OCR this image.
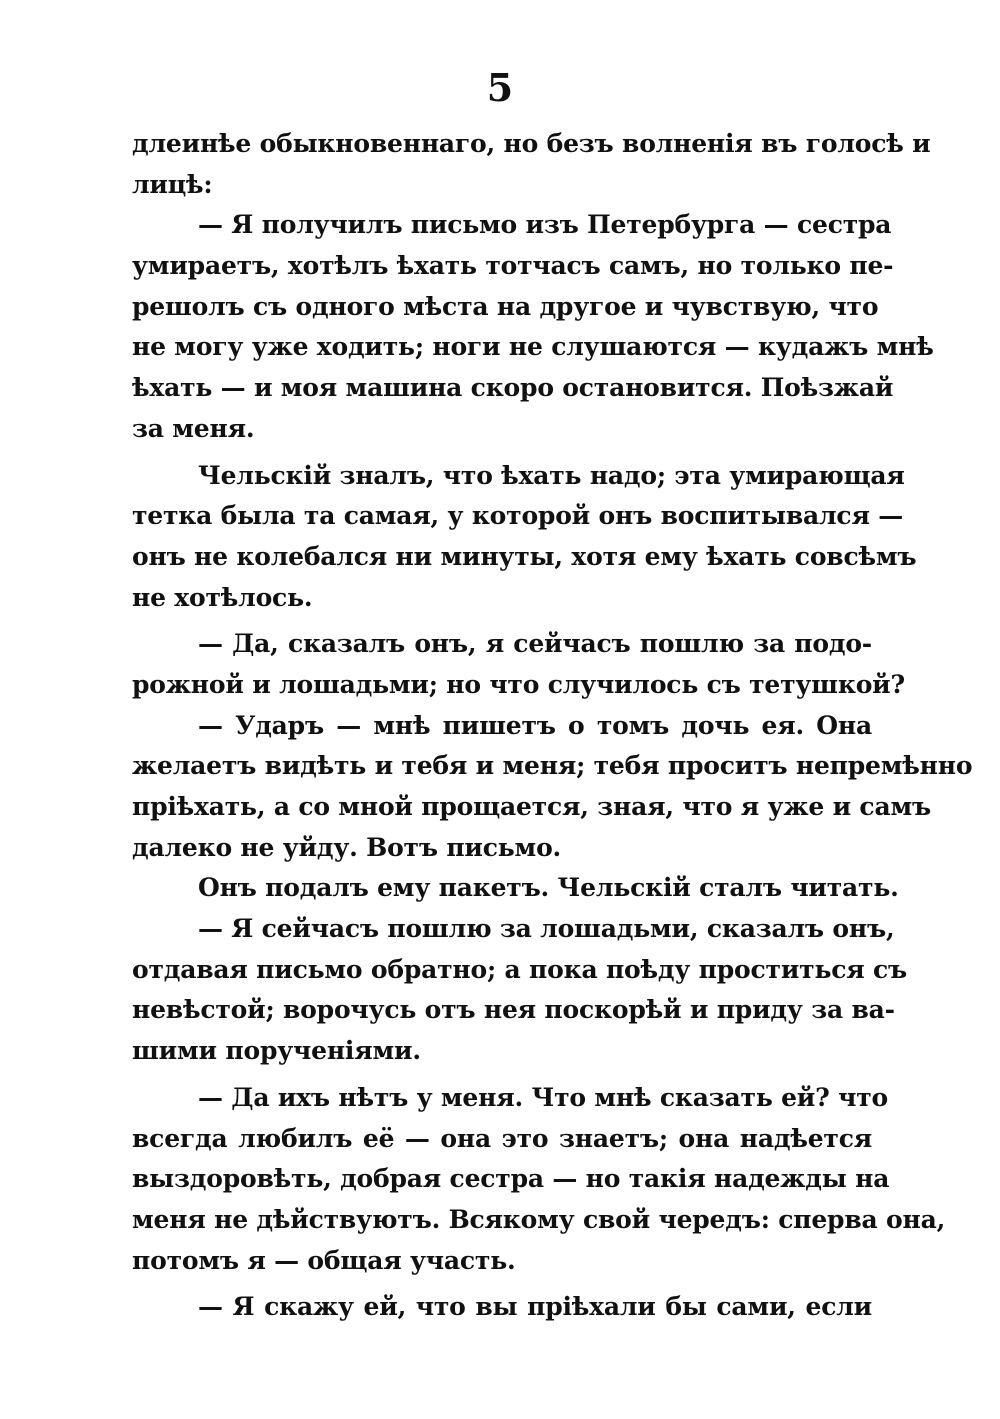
5
длеинѣе обыкновеннаго, но безъ волненія въ голосѣ и
лицѣ:
— Я получилъ письмо изъ Петербурга — сестра
умираетъ, хотѣлъ ѣхать тотчасъ самъ, но только пе-
решолъ съ одного мѣста на другое и чувствую, что
не могу уже ходить; ноги не слушаются — кудажъ мнѣ
ѣхать — и моя машина скоро остановится. Поѣзжай
за меня.
Чельскій зналъ, что ѣхать надо; эта умирающая
тетка была та самая, у которой онъ воспитывался —
онъ не колебался ни минуты, хотя ему ѣхать совсѣмъ
не хотѣлось.
— Да, сказалъ онъ, я сейчасъ пошлю за подо-
рожной и лошадьми; но что случилось съ тетушкой?
— Ударъ — мнѣ пишетъ о томъ дочь ея. Она
желаетъ видѣть и тебя и меня; тебя проситъ непремѣнно
пріѣхать, а со мной прощается, зная, что я уже и самъ
далеко не уйду. Вотъ письмо.
Онъ подалъ ему пакетъ. Чельскій сталъ читать.
— Я сейчасъ пошлю за лошадьми, сказалъ онъ,
отдавая письмо обратно; а пока поѣду проститься съ
невѣстой; ворочусь отъ нея поскорѣй и приду за ва-
шими порученіями.
— Да ихъ нѣтъ у меня. Что мнѣ сказать ей? что
всегда любилъ её — она это знаетъ; она надѣется
выздоровѣть, добрая сестра — но такія надежды на
меня не дѣйствуютъ. Всякому свой чередъ: сперва она,
потомъ я — общая участь.
— Я скажу ей, что вы пріѣхали бы сами, если
